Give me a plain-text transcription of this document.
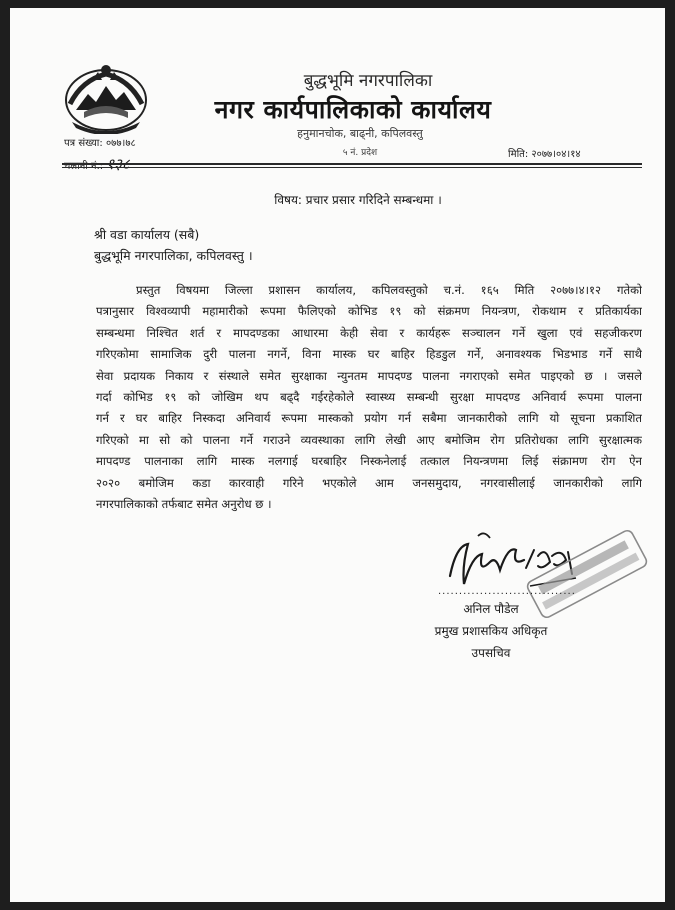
बुद्धभूमि नगरपालिका
नगर कार्यपालिकाको कार्यालय
हनुमानचोक, बाढ्नी, कपिलवस्तु
५ नं. प्रदेश
पत्र संख्या: ०७७।७८
मिति: २०७७।०४।१४
विषय: प्रचार प्रसार गरिदिने सम्बन्धमा ।
श्री वडा कार्यालय (सबै)
बुद्धभूमि नगरपालिका, कपिलवस्तु ।
प्रस्तुत विषयमा जिल्ला प्रशासन कार्यालय, कपिलवस्तुको च.नं. १६५ मिति २०७७।४।१२ गतेको
पत्रानुसार विश्वव्यापी महामारीको रूपमा फैलिएको कोभिड १९ को संक्रमण नियन्त्रण, रोकथाम र प्रतिकार्यका
सम्बन्धमा निश्चित शर्त र मापदण्डका आधारमा केही सेवा र कार्यहरू सञ्चालन गर्ने खुला एवं सहजीकरण
गरिएकोमा सामाजिक दुरी पालना नगर्ने, विना मास्क घर बाहिर हिडडुल गर्ने, अनावश्यक भिडभाड गर्ने साथै
सेवा प्रदायक निकाय र संस्थाले समेत सुरक्षाका न्युनतम मापदण्ड पालना नगराएको समेत पाइएको छ । जसले
गर्दा कोभिड १९ को जोखिम थप बढ्दै गईरहेकोले स्वास्थ्य सम्बन्धी सुरक्षा मापदण्ड अनिवार्य रूपमा पालना
गर्न र घर बाहिर निस्कदा अनिवार्य रूपमा मास्कको प्रयोग गर्न सबैमा जानकारीको लागि यो सूचना प्रकाशित
गरिएको मा सो को पालना गर्ने गराउने व्यवस्थाका लागि लेखी आए बमोजिम रोग प्रतिरोधका लागि सुरक्षात्मक
मापदण्ड पालनाका लागि मास्क नलगाई घरबाहिर निस्कनेलाई तत्काल नियन्त्रणमा लिई संक्रामण रोग ऐन
२०२० बमोजिम कडा कारवाही गरिने भएकोले आम जनसमुदाय, नगरवासीलाई जानकारीको लागि
नगरपालिकाको तर्फबाट समेत अनुरोध छ ।
.................................
अनिल पौडेल
प्रमुख प्रशासकिय अधिकृत
उपसचिव
